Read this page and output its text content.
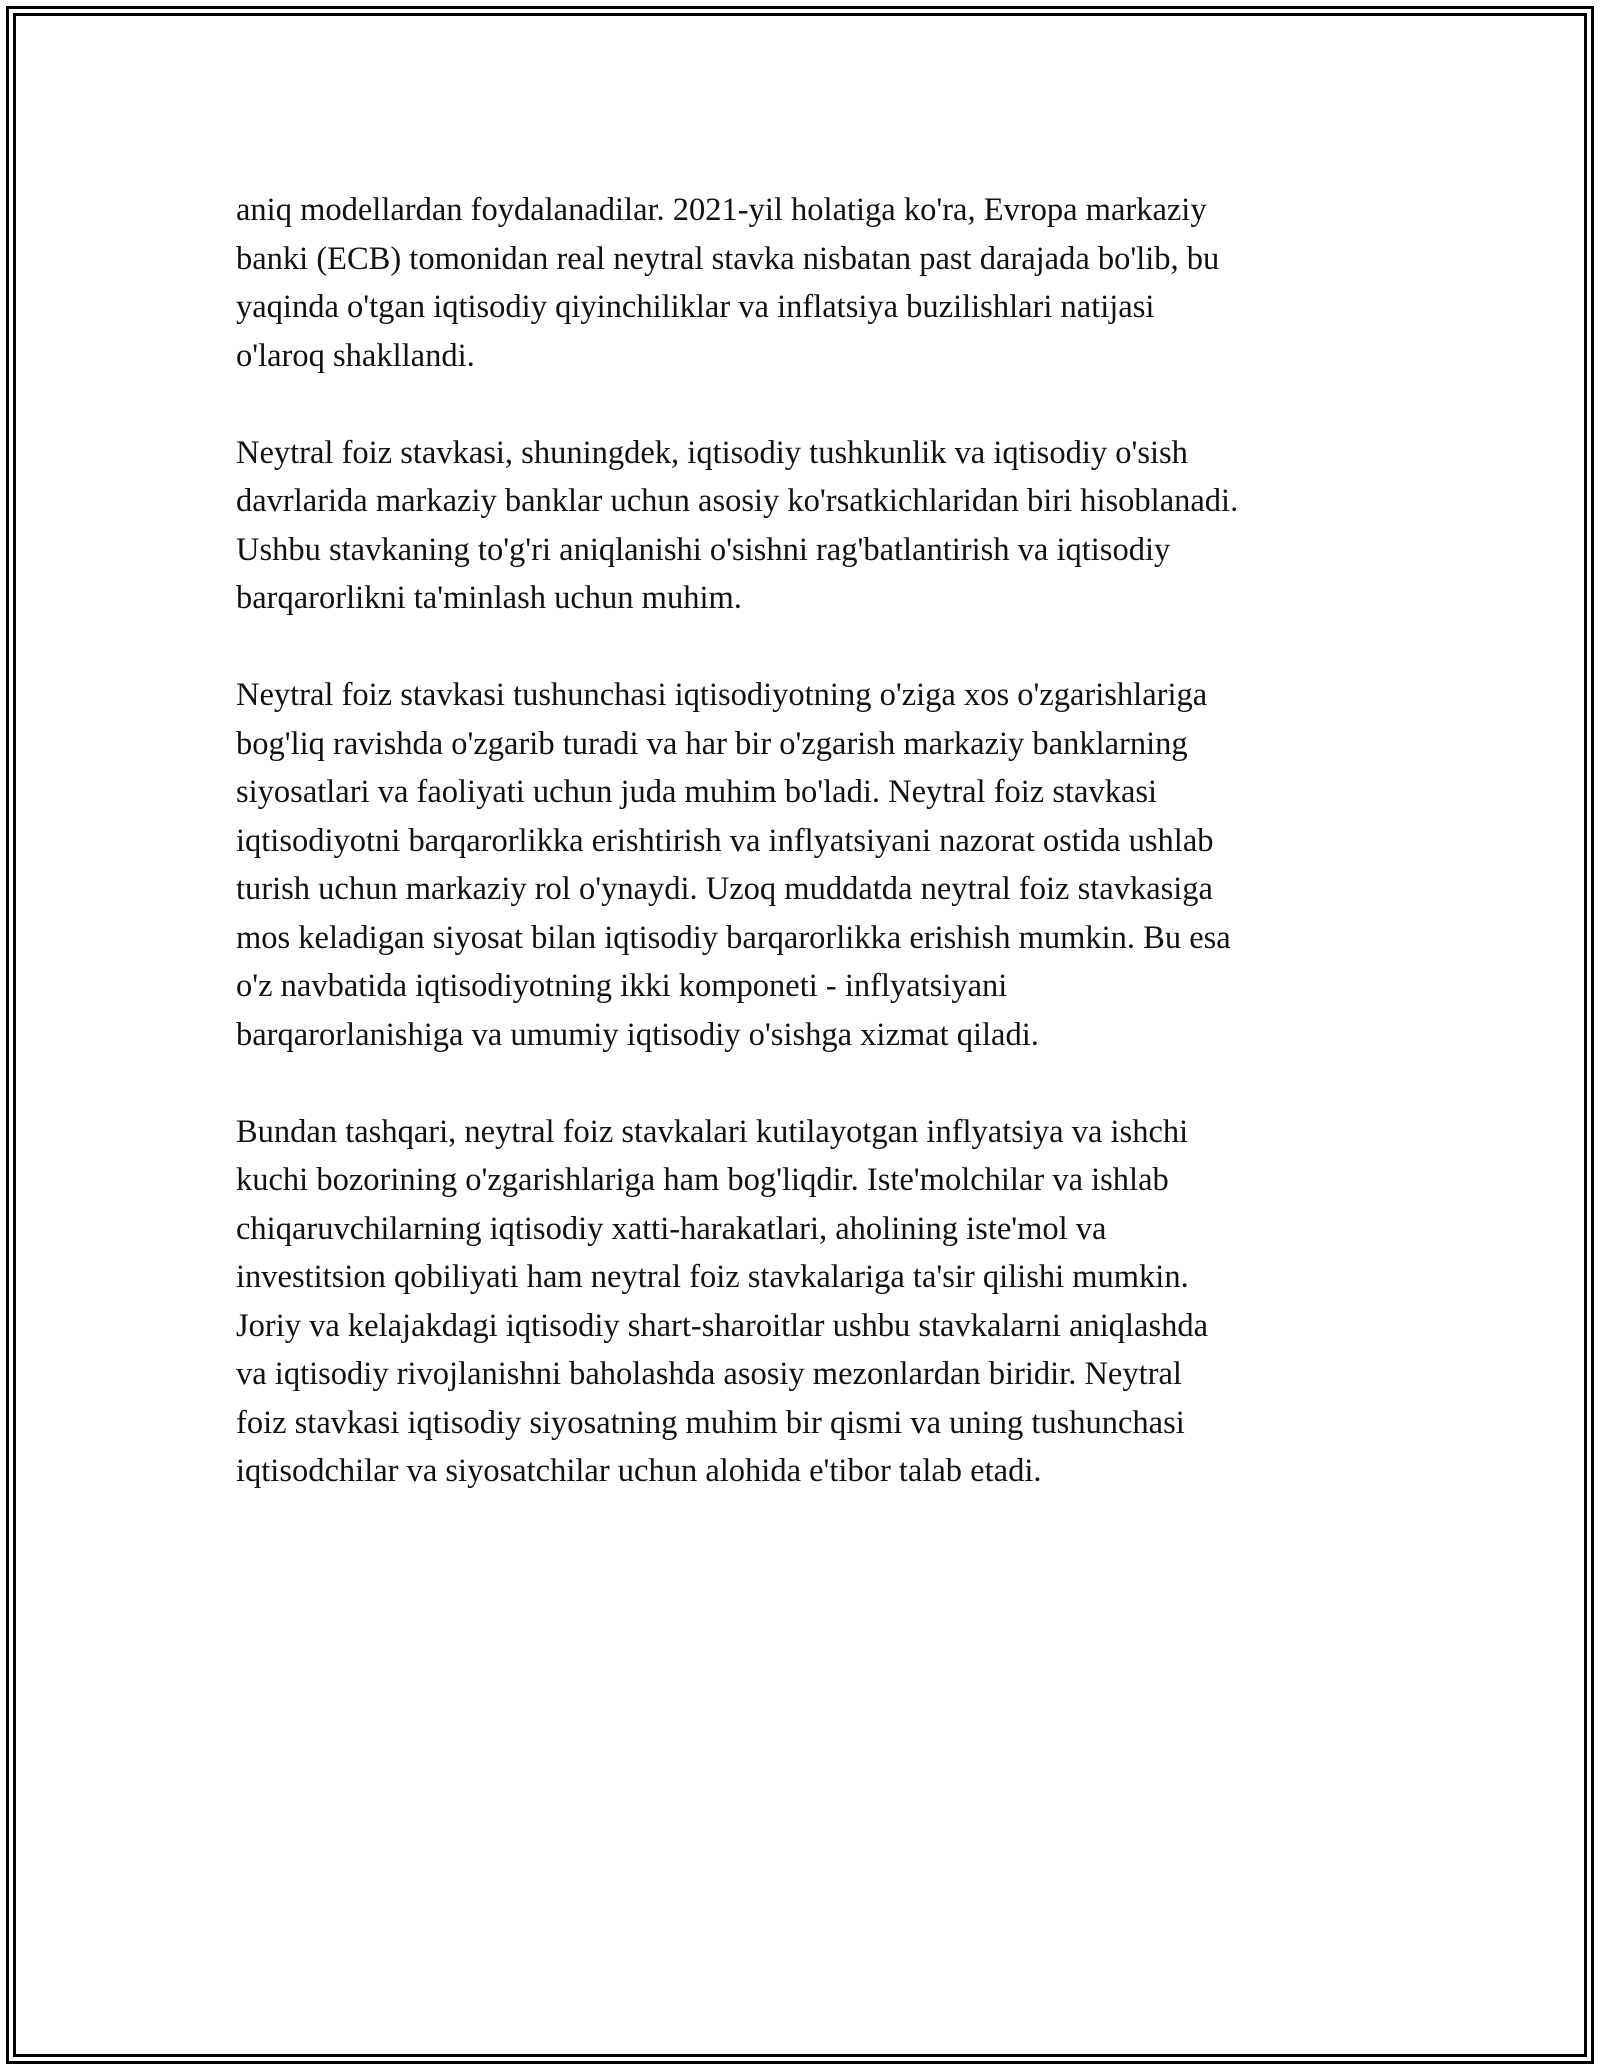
aniq modellardan foydalanadilar. 2021-yil holatiga ko'ra, Evropa markaziy
banki (ECB) tomonidan real neytral stavka nisbatan past darajada bo'lib, bu
yaqinda o'tgan iqtisodiy qiyinchiliklar va inflatsiya buzilishlari natijasi
o'laroq shakllandi.

Neytral foiz stavkasi, shuningdek, iqtisodiy tushkunlik va iqtisodiy o'sish
davrlarida markaziy banklar uchun asosiy ko'rsatkichlaridan biri hisoblanadi.
Ushbu stavkaning to'g'ri aniqlanishi o'sishni rag'batlantirish va iqtisodiy
barqarorlikni ta'minlash uchun muhim.

Neytral foiz stavkasi tushunchasi iqtisodiyotning o'ziga xos o'zgarishlariga
bog'liq ravishda o'zgarib turadi va har bir o'zgarish markaziy banklarning
siyosatlari va faoliyati uchun juda muhim bo'ladi. Neytral foiz stavkasi
iqtisodiyotni barqarorlikka erishtirish va inflyatsiyani nazorat ostida ushlab
turish uchun markaziy rol o'ynaydi. Uzoq muddatda neytral foiz stavkasiga
mos keladigan siyosat bilan iqtisodiy barqarorlikka erishish mumkin. Bu esa
o'z navbatida iqtisodiyotning ikki komponeti - inflyatsiyani
barqarorlanishiga va umumiy iqtisodiy o'sishga xizmat qiladi.

Bundan tashqari, neytral foiz stavkalari kutilayotgan inflyatsiya va ishchi
kuchi bozorining o'zgarishlariga ham bog'liqdir. Iste'molchilar va ishlab
chiqaruvchilarning iqtisodiy xatti-harakatlari, aholining iste'mol va
investitsion qobiliyati ham neytral foiz stavkalariga ta'sir qilishi mumkin.
Joriy va kelajakdagi iqtisodiy shart-sharoitlar ushbu stavkalarni aniqlashda
va iqtisodiy rivojlanishni baholashda asosiy mezonlardan biridir. Neytral
foiz stavkasi iqtisodiy siyosatning muhim bir qismi va uning tushunchasi
iqtisodchilar va siyosatchilar uchun alohida e'tibor talab etadi.
